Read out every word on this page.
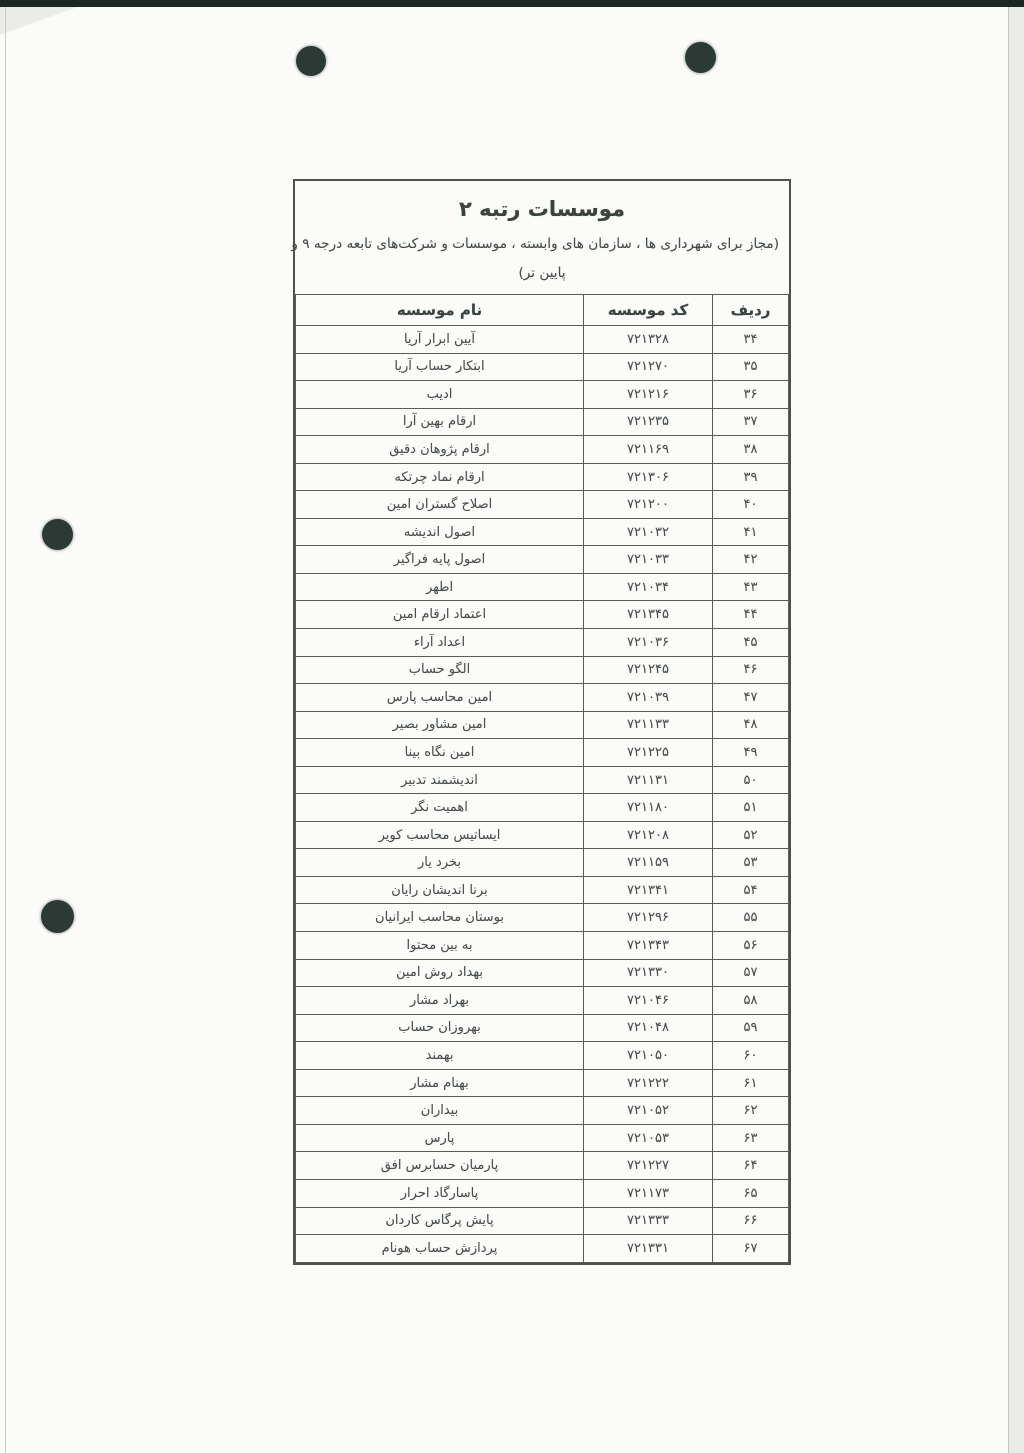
موسسات رتبه ۲
(مجاز برای شهرداری ها ، سازمان های وابسته ، موسسات و شرکت‌های تابعه درجه ۹ و
پایین تر)
ردیف	کد موسسه	نام موسسه
۳۴	۷۲۱۳۲۸	آیین ابرار آریا
۳۵	۷۲۱۲۷۰	ابتکار حساب آریا
۳۶	۷۲۱۲۱۶	ادیب
۳۷	۷۲۱۲۳۵	ارقام بهین آرا
۳۸	۷۲۱۱۶۹	ارقام پژوهان دقیق
۳۹	۷۲۱۳۰۶	ارقام نماد چرتکه
۴۰	۷۲۱۲۰۰	اصلاح گستران امین
۴۱	۷۲۱۰۳۲	اصول اندیشه
۴۲	۷۲۱۰۳۳	اصول پایه فراگیر
۴۳	۷۲۱۰۳۴	اطهر
۴۴	۷۲۱۳۴۵	اعتماد ارقام امین
۴۵	۷۲۱۰۳۶	اعداد آراء
۴۶	۷۲۱۲۴۵	الگو حساب
۴۷	۷۲۱۰۳۹	امین محاسب پارس
۴۸	۷۲۱۱۳۳	امین مشاور بصیر
۴۹	۷۲۱۲۲۵	امین نگاه بینا
۵۰	۷۲۱۱۳۱	اندیشمند تدبیر
۵۱	۷۲۱۱۸۰	اهمیت نگر
۵۲	۷۲۱۲۰۸	ایساتیس محاسب کویر
۵۳	۷۲۱۱۵۹	بخرد یار
۵۴	۷۲۱۳۴۱	برنا اندیشان رایان
۵۵	۷۲۱۲۹۶	بوستان محاسب ایرانیان
۵۶	۷۲۱۳۴۳	به بین محتوا
۵۷	۷۲۱۳۳۰	بهداد روش امین
۵۸	۷۲۱۰۴۶	بهراد مشار
۵۹	۷۲۱۰۴۸	بهروزان حساب
۶۰	۷۲۱۰۵۰	بهمند
۶۱	۷۲۱۲۲۲	بهنام مشار
۶۲	۷۲۱۰۵۲	بیداران
۶۳	۷۲۱۰۵۳	پارس
۶۴	۷۲۱۲۲۷	پارمیان حسابرس افق
۶۵	۷۲۱۱۷۳	پاسارگاد احرار
۶۶	۷۲۱۳۳۳	پایش پرگاس کاردان
۶۷	۷۲۱۳۳۱	پردازش حساب هونام
